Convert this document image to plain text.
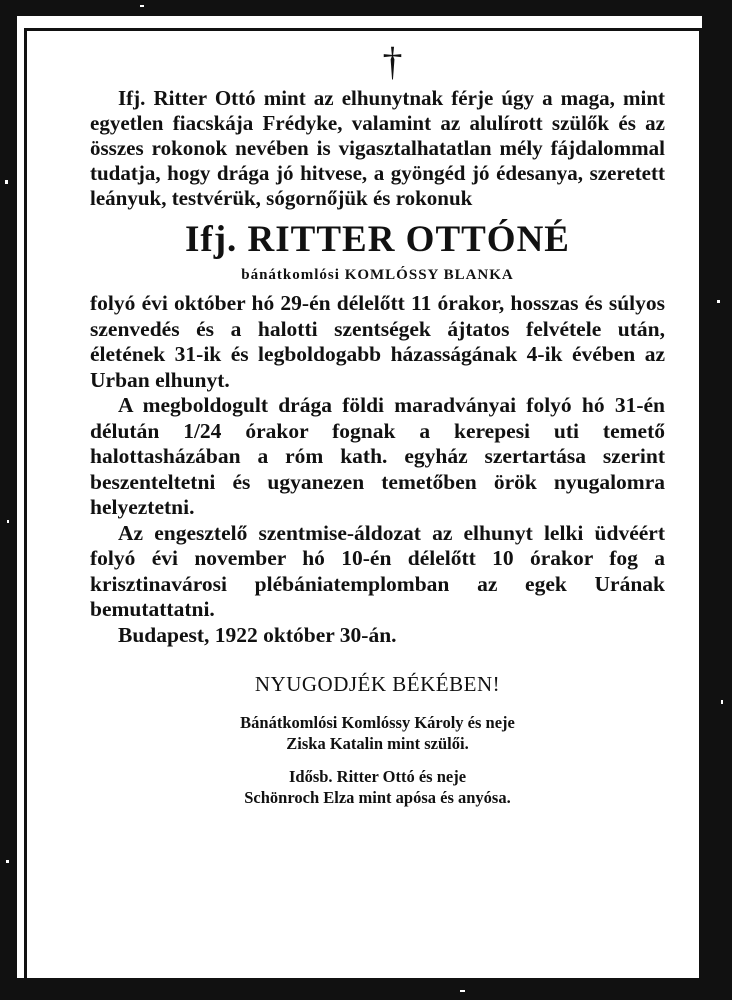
†

Ifj. Ritter Ottó mint az elhunytnak férje úgy a maga, mint egyetlen fiacskája Frédyke, valamint az alulírott szülők és az összes rokonok nevében is vigasztalhatatlan mély fájdalommal tudatja, hogy drága jó hitvese, a gyöngéd jó édesanya, szeretett leányuk, testvérük, sógornőjük és rokonuk

Ifj. RITTER OTTÓNÉ
bánátkomlósi KOMLÓSSY BLANKA

folyó évi október hó 29-én délelőtt 11 órakor, hosszas és súlyos szenvedés és a halotti szentségek ájtatos felvétele után, életének 31-ik és legboldogabb házasságának 4-ik évében az Urban elhunyt.

A megboldogult drága földi maradványai folyó hó 31-én délután 1/24 órakor fognak a kerepesi uti temető halottasházában a róm kath. egyház szertartása szerint beszenteltetni és ugyanezen temetőben örök nyugalomra helyeztetni.

Az engesztelő szentmise-áldozat az elhunyt lelki üdvéért folyó évi november hó 10-én délelőtt 10 órakor fog a krisztinavárosi plébániatemplomban az egek Urának bemutattatni.

Budapest, 1922 október 30-án.

NYUGODJÉK BÉKÉBEN!
Bánátkomlósi Komlóssy Károly és neje
Ziska Katalin mint szülői.
Idősb. Ritter Ottó és neje
Schönroch Elza mint apósa és anyósa.
